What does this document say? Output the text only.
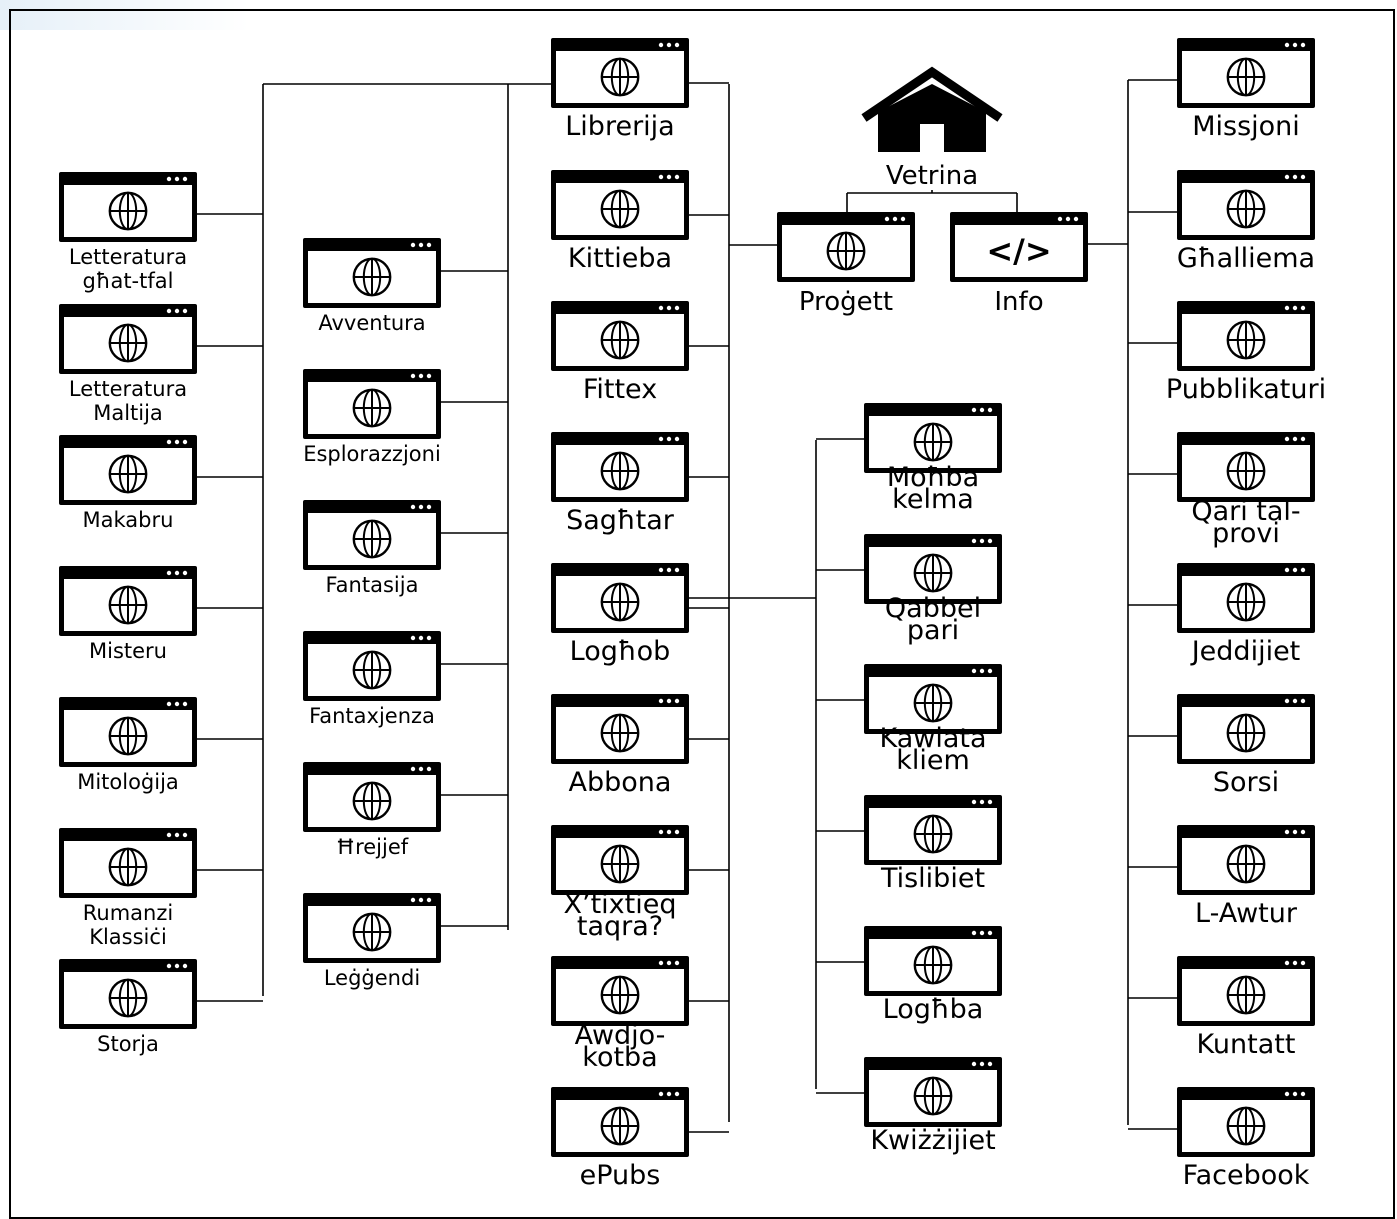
Vetrina
Proġett
</>
Info
Librerija
Kittieba
Fittex
Sagħtar
Logħob
Abbona
X’tixtieq
taqra?
Awdjo-
kotba
ePubs
Avventura
Esplorazzjoni
Fantasija
Fantaxjenza
Ħrejjef
Leġġendi
Letteratura
għat-tfal
Letteratura
Maltija
Makabru
Misteru
Mitoloġija
Rumanzi
Klassiċi
Storja
Moħba
kelma
Qabbel
pari
Kawlata
kliem
Tislibiet
Logħba
Kwiżżijiet
Missjoni
Għalliema
Pubblikaturi
Qari tal-
provi
Jeddijiet
Sorsi
L-Awtur
Kuntatt
Facebook
